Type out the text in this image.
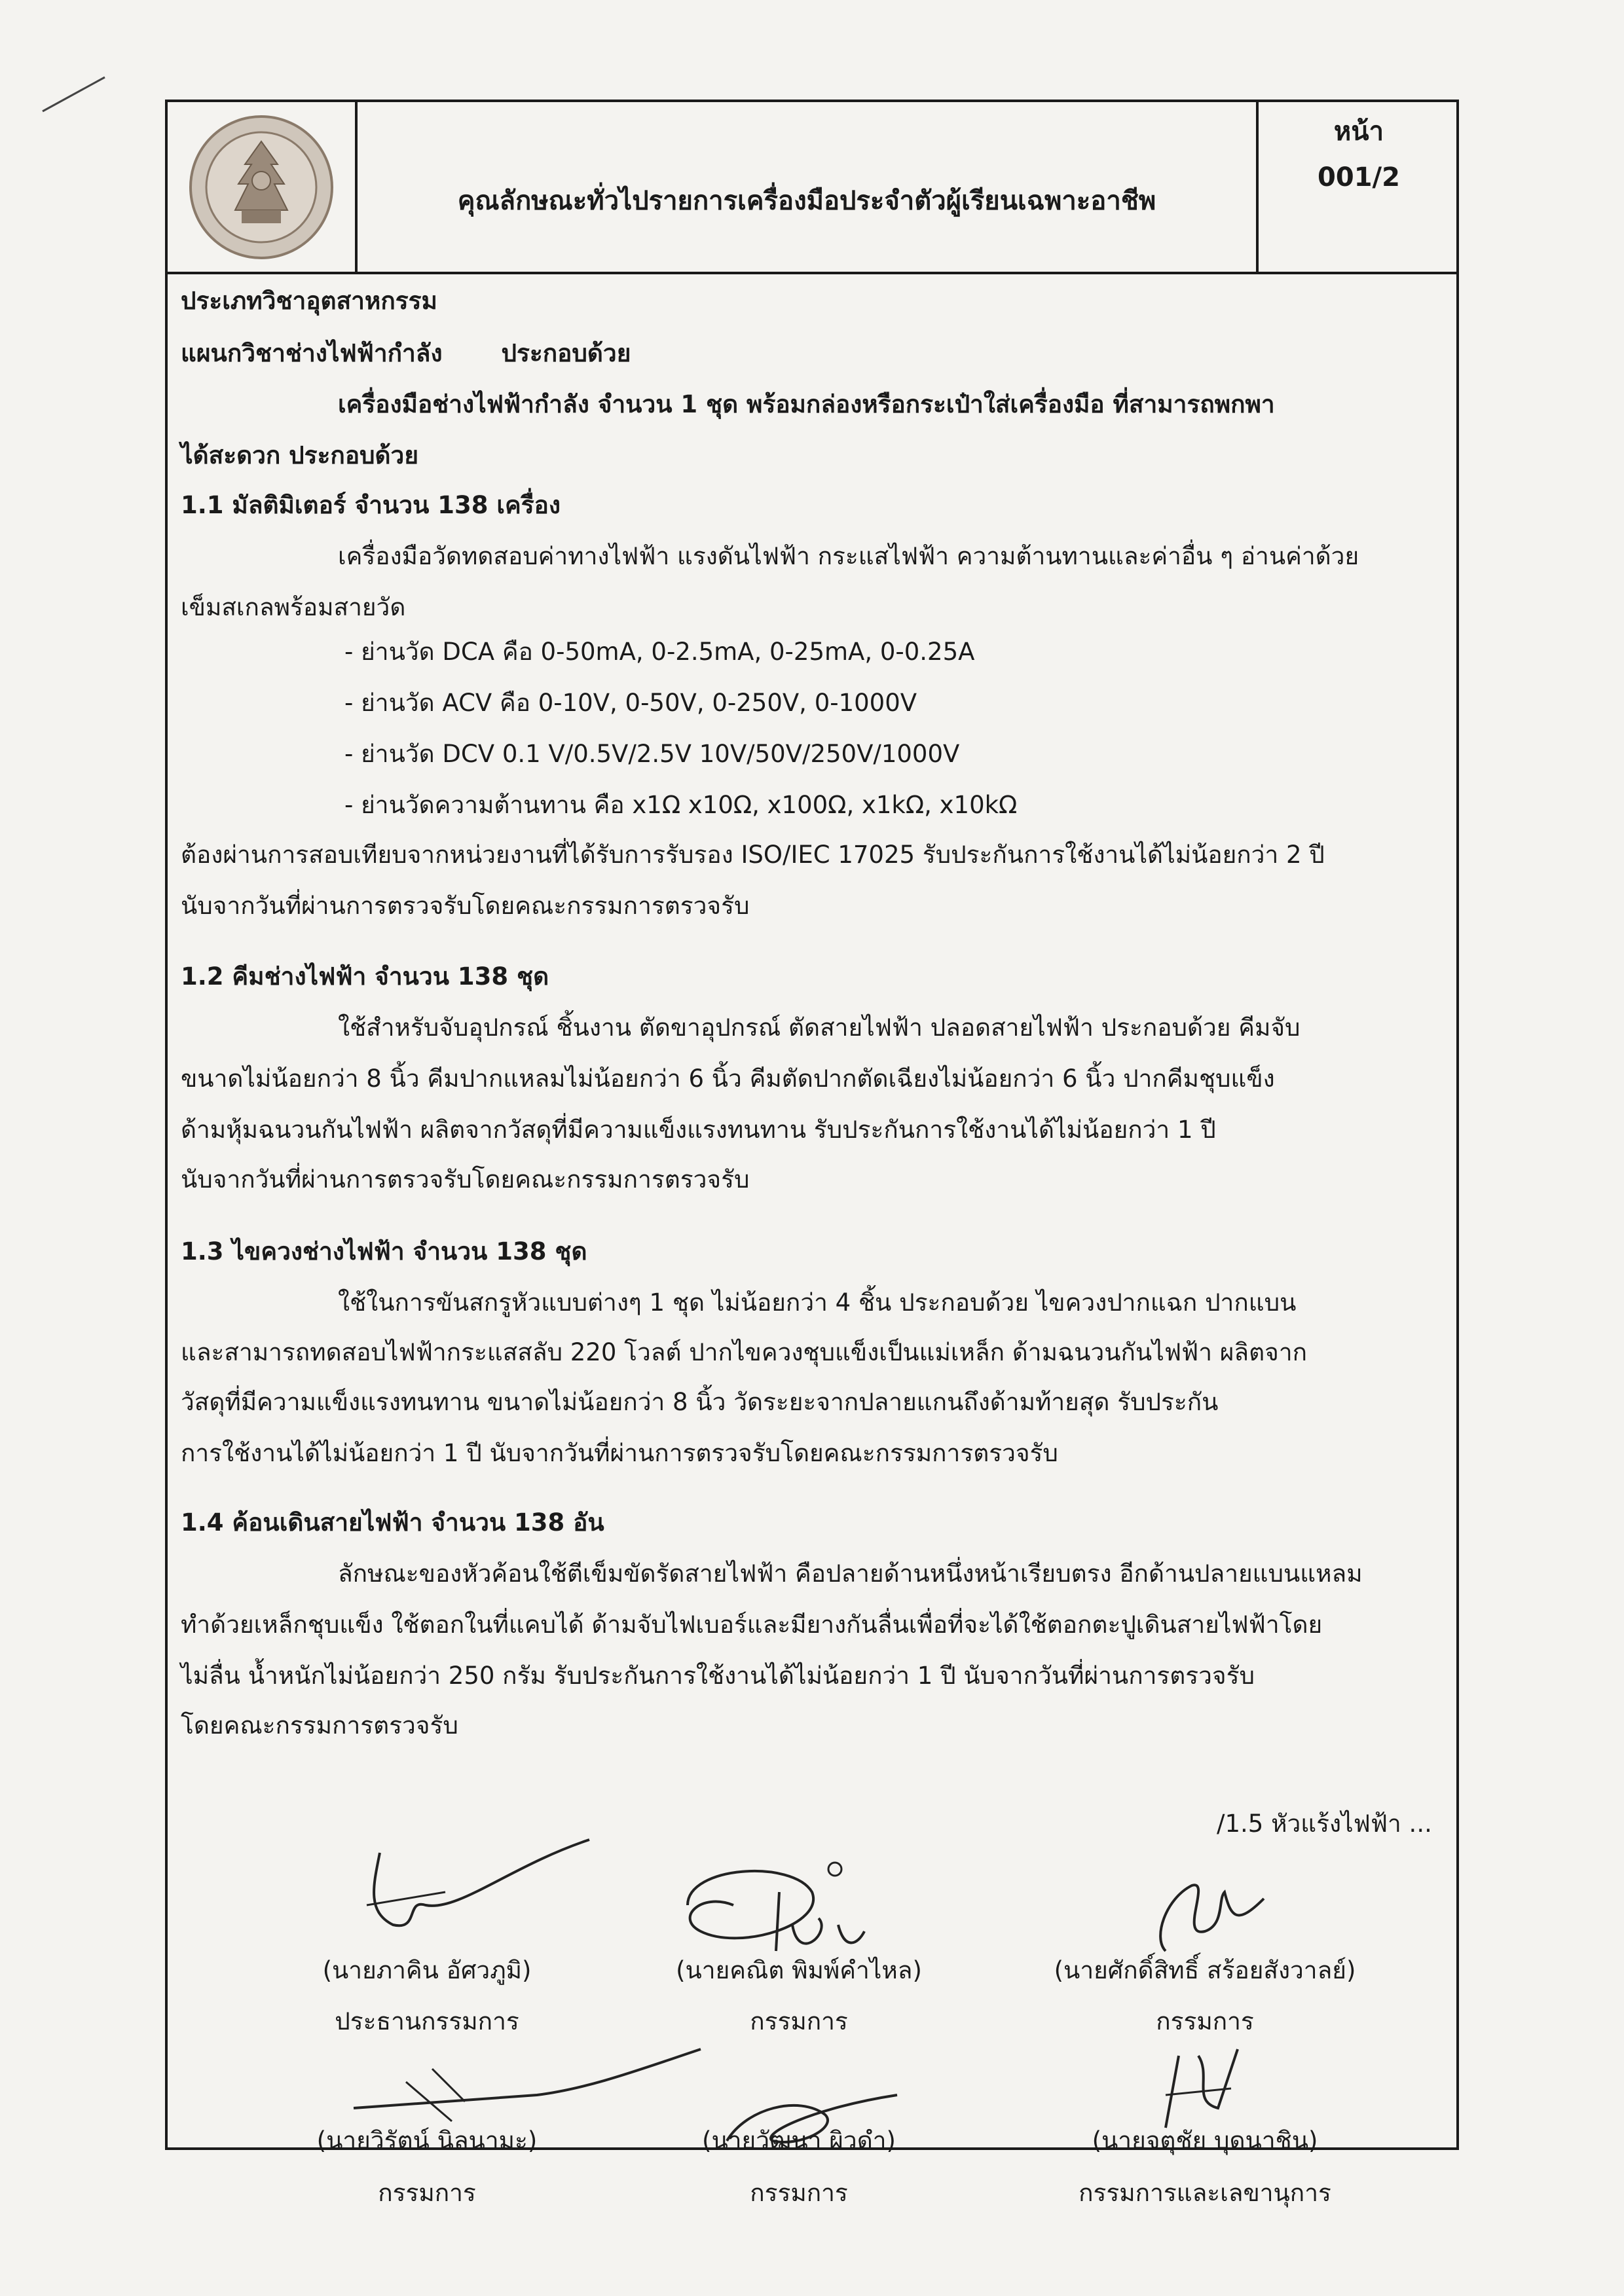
คุณลักษณะทั่วไปรายการเครื่องมือประจำตัวผู้เรียนเฉพาะอาชีพ
หน้า
001/2
ประเภทวิชาอุตสาหกรรม
แผนกวิชาช่างไฟฟ้ากำลัง ประกอบด้วย
เครื่องมือช่างไฟฟ้ากำลัง จำนวน 1 ชุด พร้อมกล่องหรือกระเป๋าใส่เครื่องมือ ที่สามารถพกพา
ได้สะดวก ประกอบด้วย
1.1 มัลติมิเตอร์ จำนวน 138 เครื่อง
เครื่องมือวัดทดสอบค่าทางไฟฟ้า แรงดันไฟฟ้า กระแสไฟฟ้า ความต้านทานและค่าอื่น ๆ อ่านค่าด้วย
เข็มสเกลพร้อมสายวัด
- ย่านวัด DCA คือ 0-50mA, 0-2.5mA, 0-25mA, 0-0.25A
- ย่านวัด ACV คือ 0-10V, 0-50V, 0-250V, 0-1000V
- ย่านวัด DCV 0.1 V/0.5V/2.5V 10V/50V/250V/1000V
- ย่านวัดความต้านทาน คือ x1Ω x10Ω, x100Ω, x1kΩ, x10kΩ
ต้องผ่านการสอบเทียบจากหน่วยงานที่ได้รับการรับรอง ISO/IEC 17025 รับประกันการใช้งานได้ไม่น้อยกว่า 2 ปี
นับจากวันที่ผ่านการตรวจรับโดยคณะกรรมการตรวจรับ
1.2 คีมช่างไฟฟ้า จำนวน 138 ชุด
ใช้สำหรับจับอุปกรณ์ ชิ้นงาน ตัดขาอุปกรณ์ ตัดสายไฟฟ้า ปลอดสายไฟฟ้า ประกอบด้วย คีมจับ
ขนาดไม่น้อยกว่า 8 นิ้ว คีมปากแหลมไม่น้อยกว่า 6 นิ้ว คีมตัดปากตัดเฉียงไม่น้อยกว่า 6 นิ้ว ปากคีมชุบแข็ง
ด้ามหุ้มฉนวนกันไฟฟ้า ผลิตจากวัสดุที่มีความแข็งแรงทนทาน รับประกันการใช้งานได้ไม่น้อยกว่า 1 ปี
นับจากวันที่ผ่านการตรวจรับโดยคณะกรรมการตรวจรับ
1.3 ไขควงช่างไฟฟ้า จำนวน 138 ชุด
ใช้ในการขันสกรูหัวแบบต่างๆ 1 ชุด ไม่น้อยกว่า 4 ชิ้น ประกอบด้วย ไขควงปากแฉก ปากแบน
และสามารถทดสอบไฟฟ้ากระแสสลับ 220 โวลต์ ปากไขควงชุบแข็งเป็นแม่เหล็ก ด้ามฉนวนกันไฟฟ้า ผลิตจาก
วัสดุที่มีความแข็งแรงทนทาน ขนาดไม่น้อยกว่า 8 นิ้ว วัดระยะจากปลายแกนถึงด้ามท้ายสุด รับประกัน
การใช้งานได้ไม่น้อยกว่า 1 ปี นับจากวันที่ผ่านการตรวจรับโดยคณะกรรมการตรวจรับ
1.4 ค้อนเดินสายไฟฟ้า จำนวน 138 อัน
ลักษณะของหัวค้อนใช้ตีเข็มขัดรัดสายไฟฟ้า คือปลายด้านหนึ่งหน้าเรียบตรง อีกด้านปลายแบนแหลม
ทำด้วยเหล็กชุบแข็ง ใช้ตอกในที่แคบได้ ด้ามจับไฟเบอร์และมียางกันลื่นเพื่อที่จะได้ใช้ตอกตะปูเดินสายไฟฟ้าโดย
ไม่ลื่น น้ำหนักไม่น้อยกว่า 250 กรัม รับประกันการใช้งานได้ไม่น้อยกว่า 1 ปี นับจากวันที่ผ่านการตรวจรับ
โดยคณะกรรมการตรวจรับ
/1.5 หัวแร้งไฟฟ้า ...
(นายภาคิน อัศวภูมิ)
ประธานกรรมการ
(นายคณิต พิมพ์คำไหล)
กรรมการ
(นายศักดิ์สิทธิ์ สร้อยสังวาลย์)
กรรมการ
(นายวิรัตน์ นิลนามะ)
กรรมการ
(นายวัฒนา ผิวดำ)
กรรมการ
(นายจตุชัย บุดนาชิน)
กรรมการและเลขานุการ
